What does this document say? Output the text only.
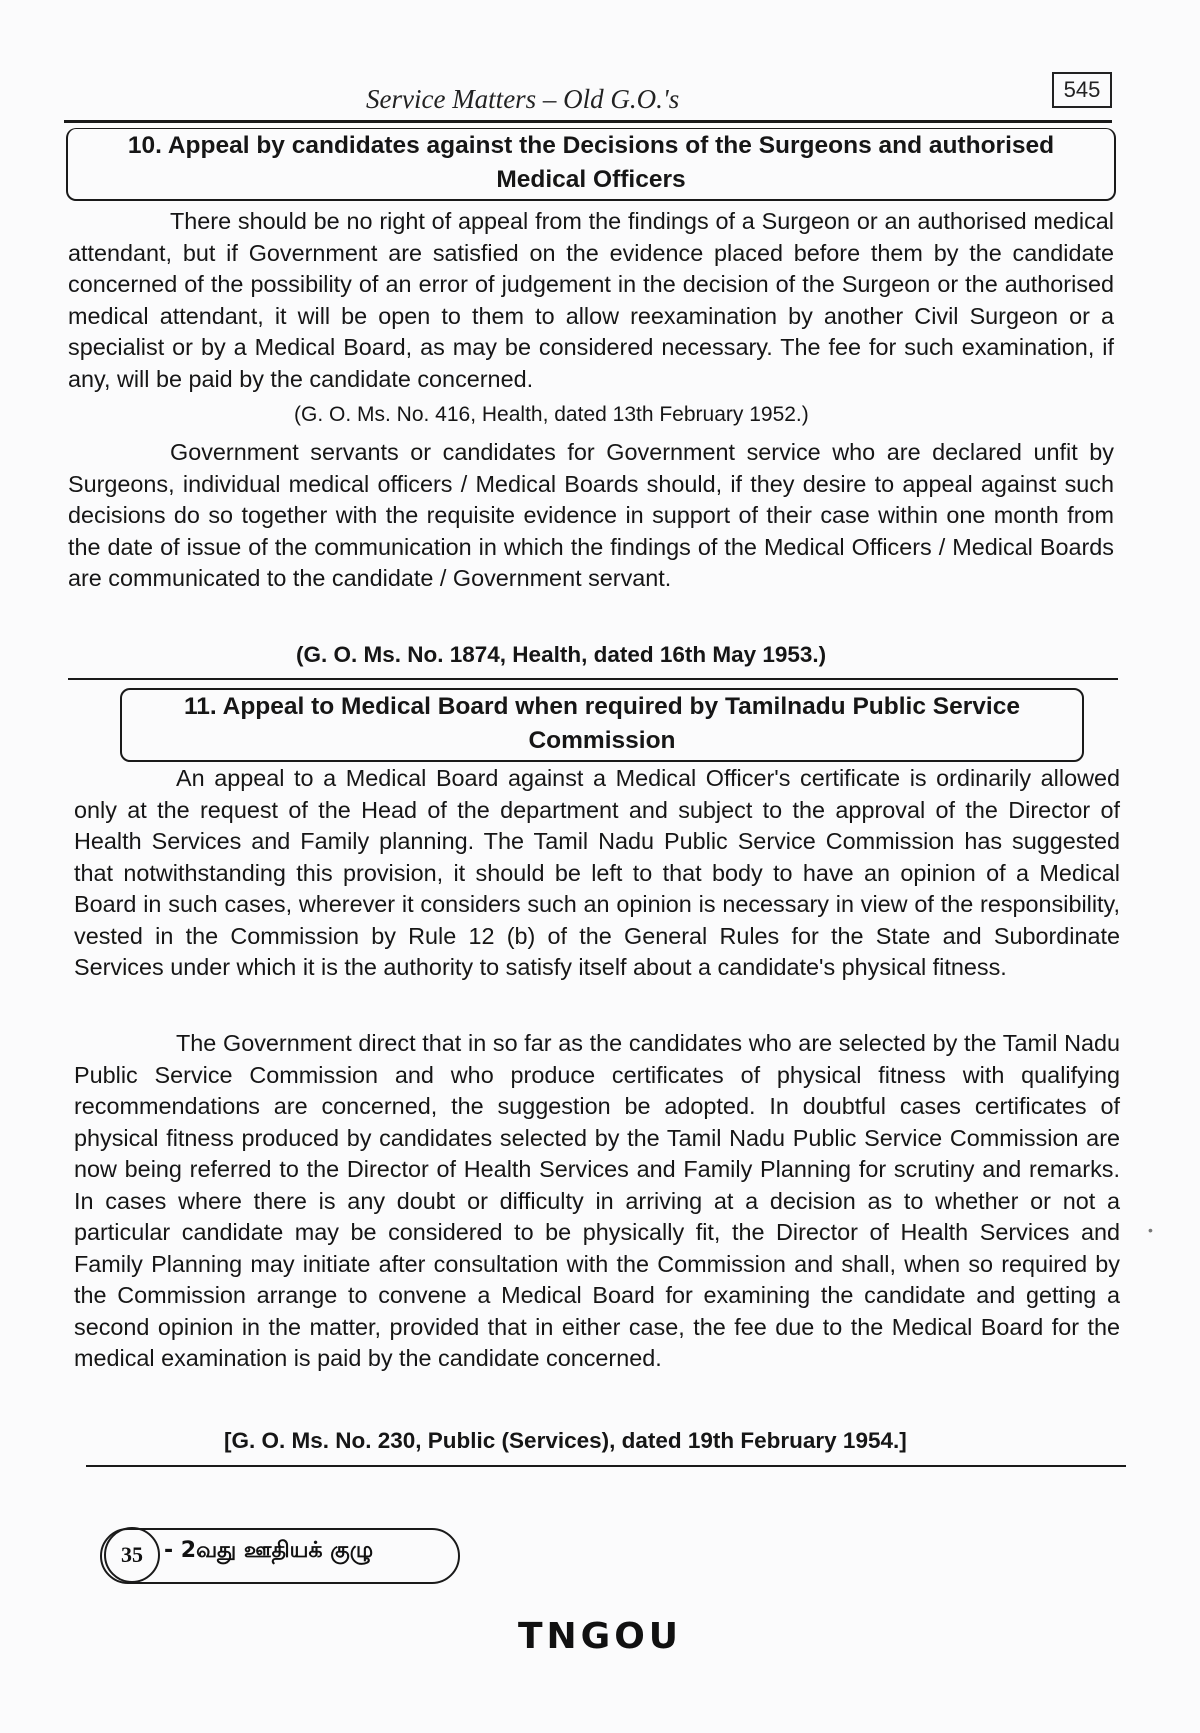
Service Matters – Old G.O.'s	545
10. Appeal by candidates against the Decisions of the Surgeons and authorised
Medical Officers
There should be no right of appeal from the findings of a Surgeon or an authorised medical attendant, but if Government are satisfied on the evidence placed before them by the candidate concerned of the possibility of an error of judgement in the decision of the Surgeon or the authorised medical attendant, it will be open to them to allow reexamination by another Civil Surgeon or a specialist or by a Medical Board, as may be considered necessary. The fee for such examination, if any, will be paid by the candidate concerned.
(G. O. Ms. No. 416, Health, dated 13th February 1952.)
Government servants or candidates for Government service who are declared unfit by Surgeons, individual medical officers / Medical Boards should, if they desire to appeal against such decisions do so together with the requisite evidence in support of their case within one month from the date of issue of the communication in which the findings of the Medical Officers / Medical Boards are communicated to the candidate / Government servant.
(G. O. Ms. No. 1874, Health, dated 16th May 1953.)
11. Appeal to Medical Board when required by Tamilnadu Public Service
Commission
An appeal to a Medical Board against a Medical Officer's certificate is ordinarily allowed only at the request of the Head of the department and subject to the approval of the Director of Health Services and Family planning. The Tamil Nadu Public Service Commission has suggested that notwithstanding this provision, it should be left to that body to have an opinion of a Medical Board in such cases, wherever it considers such an opinion is necessary in view of the responsibility, vested in the Commission by Rule 12 (b) of the General Rules for the State and Subordinate Services under which it is the authority to satisfy itself about a candidate's physical fitness.
The Government direct that in so far as the candidates who are selected by the Tamil Nadu Public Service Commission and who produce certificates of physical fitness with qualifying recommendations are concerned, the suggestion be adopted. In doubtful cases certificates of physical fitness produced by candidates selected by the Tamil Nadu Public Service Commission are now being referred to the Director of Health Services and Family Planning for scrutiny and remarks. In cases where there is any doubt or difficulty in arriving at a decision as to whether or not a particular candidate may be considered to be physically fit, the Director of Health Services and Family Planning may initiate after consultation with the Commission and shall, when so required by the Commission arrange to convene a Medical Board for examining the candidate and getting a second opinion in the matter, provided that in either case, the fee due to the Medical Board for the medical examination is paid by the candidate concerned.
[G. O. Ms. No. 230, Public (Services), dated 19th February 1954.]
35 - 2வது ஊதியக் குழு
TNGOU
•
